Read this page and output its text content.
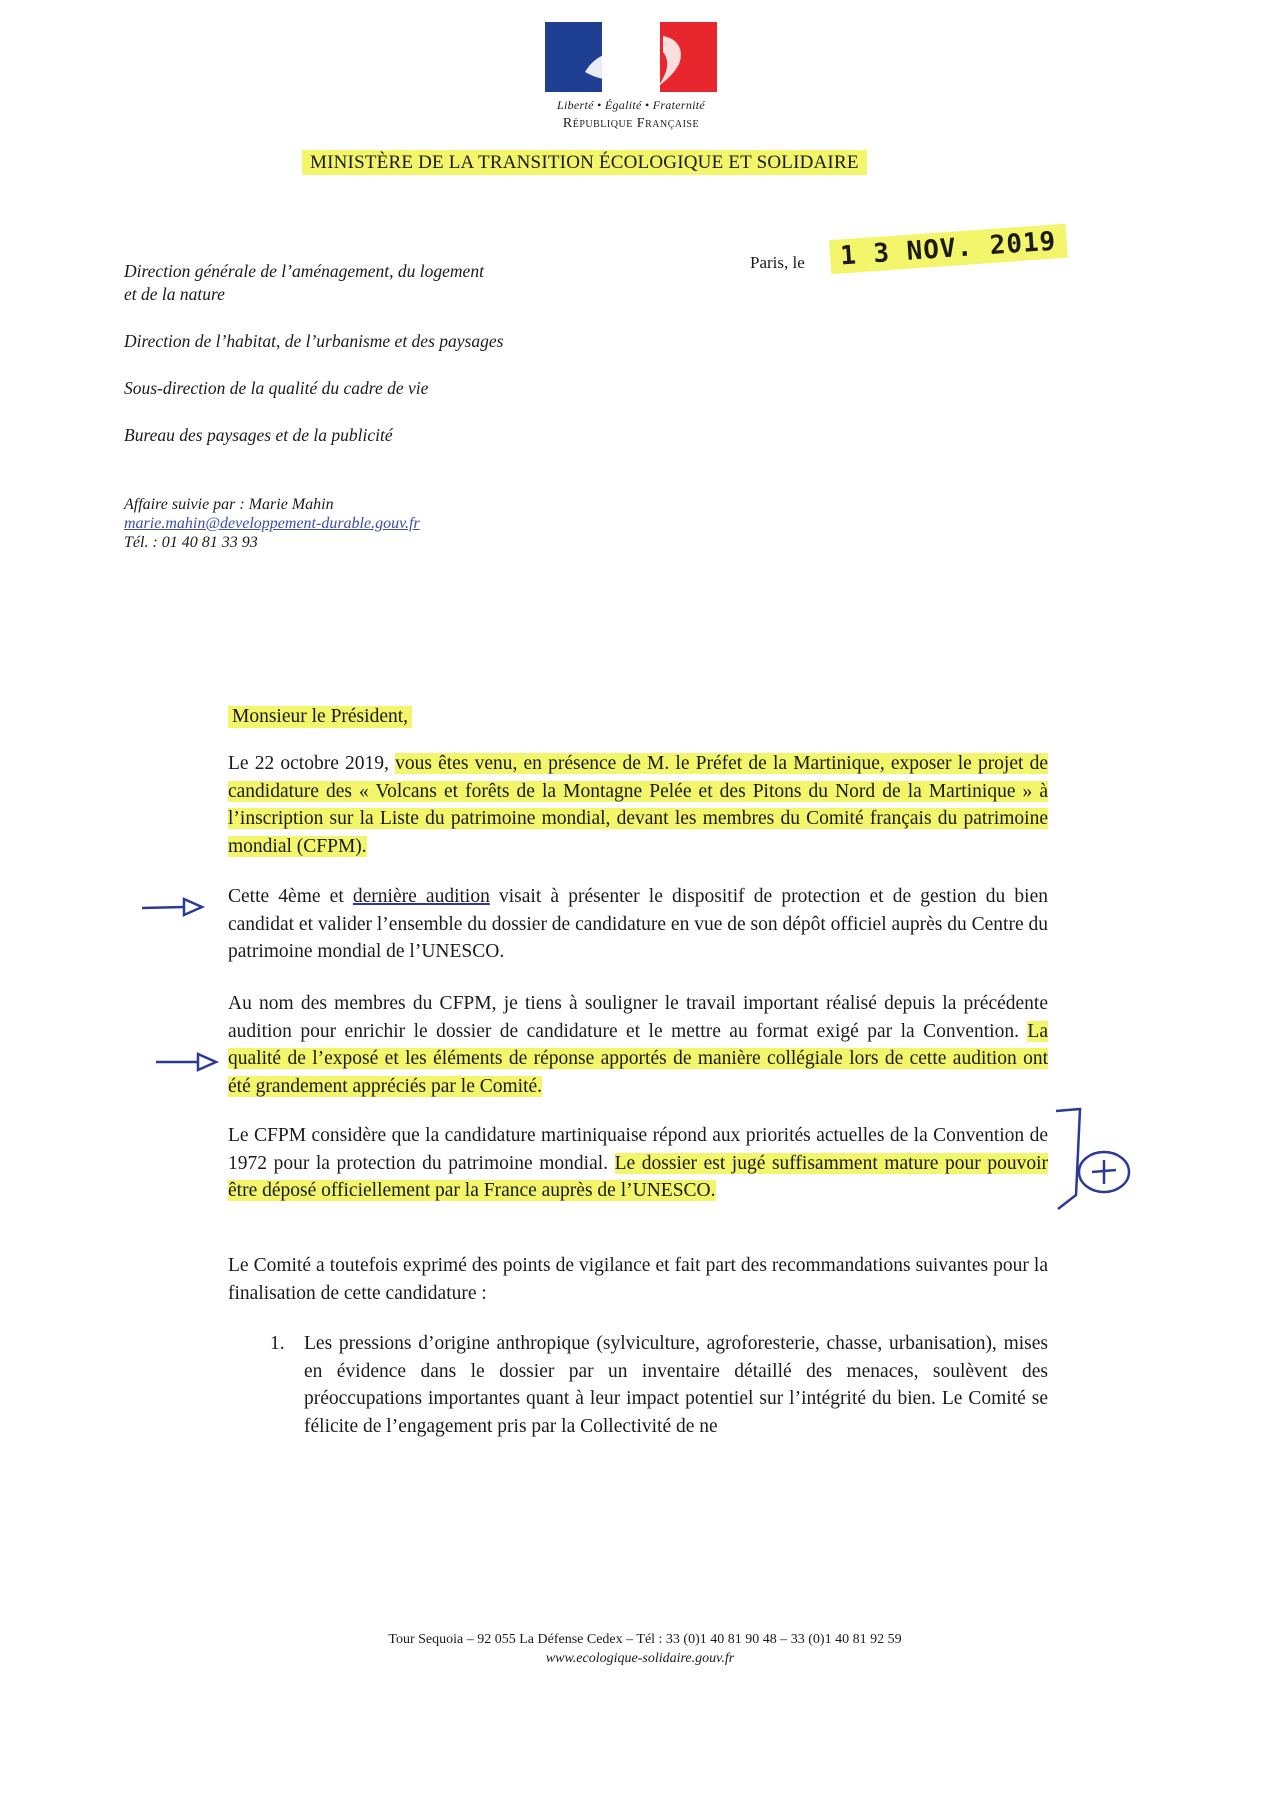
Liberté • Égalité • Fraternité
République Française
MINISTÈRE DE LA TRANSITION ÉCOLOGIQUE ET SOLIDAIRE
Direction générale de l’aménagement, du logement
et de la nature
Direction de l’habitat, de l’urbanisme et des paysages
Sous-direction de la qualité du cadre de vie
Bureau des paysages et de la publicité
Affaire suivie par : Marie Mahin
marie.mahin@developpement-durable.gouv.fr
Tél. : 01 40 81 33 93
Paris, le	1 3 NOV. 2019
Monsieur le Président,
Le 22 octobre 2019, vous êtes venu, en présence de M. le Préfet de la Martinique, exposer le projet de candidature des « Volcans et forêts de la Montagne Pelée et des Pitons du Nord de la Martinique » à l’inscription sur la Liste du patrimoine mondial, devant les membres du Comité français du patrimoine mondial (CFPM).
Cette 4ème et dernière audition visait à présenter le dispositif de protection et de gestion du bien candidat et valider l’ensemble du dossier de candidature en vue de son dépôt officiel auprès du Centre du patrimoine mondial de l’UNESCO.
Au nom des membres du CFPM, je tiens à souligner le travail important réalisé depuis la précédente audition pour enrichir le dossier de candidature et le mettre au format exigé par la Convention. La qualité de l’exposé et les éléments de réponse apportés de manière collégiale lors de cette audition ont été grandement appréciés par le Comité.
Le CFPM considère que la candidature martiniquaise répond aux priorités actuelles de la Convention de 1972 pour la protection du patrimoine mondial. Le dossier est jugé suffisamment mature pour pouvoir être déposé officiellement par la France auprès de l’UNESCO.
Le Comité a toutefois exprimé des points de vigilance et fait part des recommandations suivantes pour la finalisation de cette candidature :
1. Les pressions d’origine anthropique (sylviculture, agroforesterie, chasse, urbanisation), mises en évidence dans le dossier par un inventaire détaillé des menaces, soulèvent des préoccupations importantes quant à leur impact potentiel sur l’intégrité du bien. Le Comité se félicite de l’engagement pris par la Collectivité de ne
Tour Sequoia – 92 055 La Défense Cedex – Tél : 33 (0)1 40 81 90 48 – 33 (0)1 40 81 92 59
www.ecologique-solidaire.gouv.fr
